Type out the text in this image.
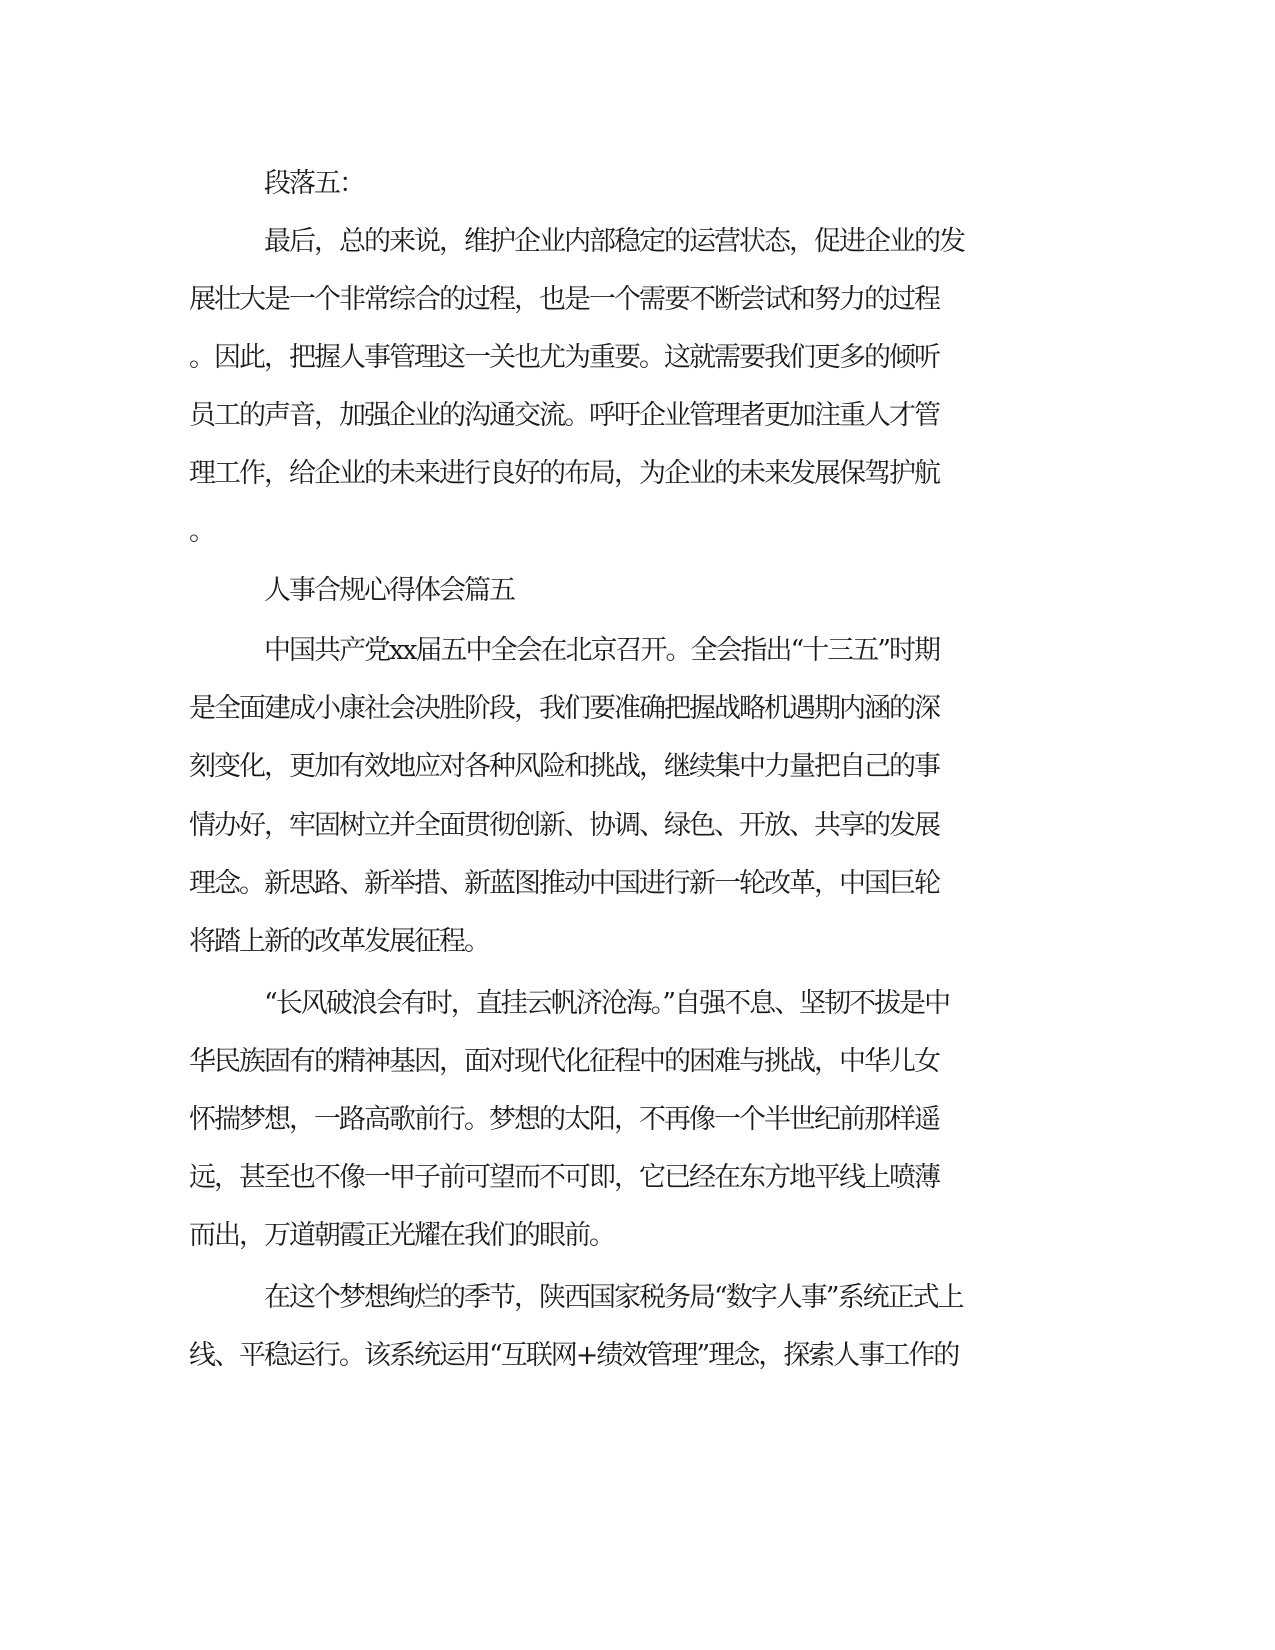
段落五：
最后，总的来说，维护企业内部稳定的运营状态，促进企业的发
展壮大是一个非常综合的过程，也是一个需要不断尝试和努力的过程
。因此，把握人事管理这一关也尤为重要。这就需要我们更多的倾听
员工的声音，加强企业的沟通交流。呼吁企业管理者更加注重人才管
理工作，给企业的未来进行良好的布局，为企业的未来发展保驾护航
。
人事合规心得体会篇五
中国共产党xx届五中全会在北京召开。全会指出“十三五”时期
是全面建成小康社会决胜阶段，我们要准确把握战略机遇期内涵的深
刻变化，更加有效地应对各种风险和挑战，继续集中力量把自己的事
情办好，牢固树立并全面贯彻创新、协调、绿色、开放、共享的发展
理念。新思路、新举措、新蓝图推动中国进行新一轮改革，中国巨轮
将踏上新的改革发展征程。
“长风破浪会有时，直挂云帆济沧海。”自强不息、坚韧不拔是中
华民族固有的精神基因，面对现代化征程中的困难与挑战，中华儿女
怀揣梦想，一路高歌前行。梦想的太阳，不再像一个半世纪前那样遥
远，甚至也不像一甲子前可望而不可即，它已经在东方地平线上喷薄
而出，万道朝霞正光耀在我们的眼前。
在这个梦想绚烂的季节，陕西国家税务局“数字人事”系统正式上
线、平稳运行。该系统运用“互联网+绩效管理”理念，探索人事工作的
